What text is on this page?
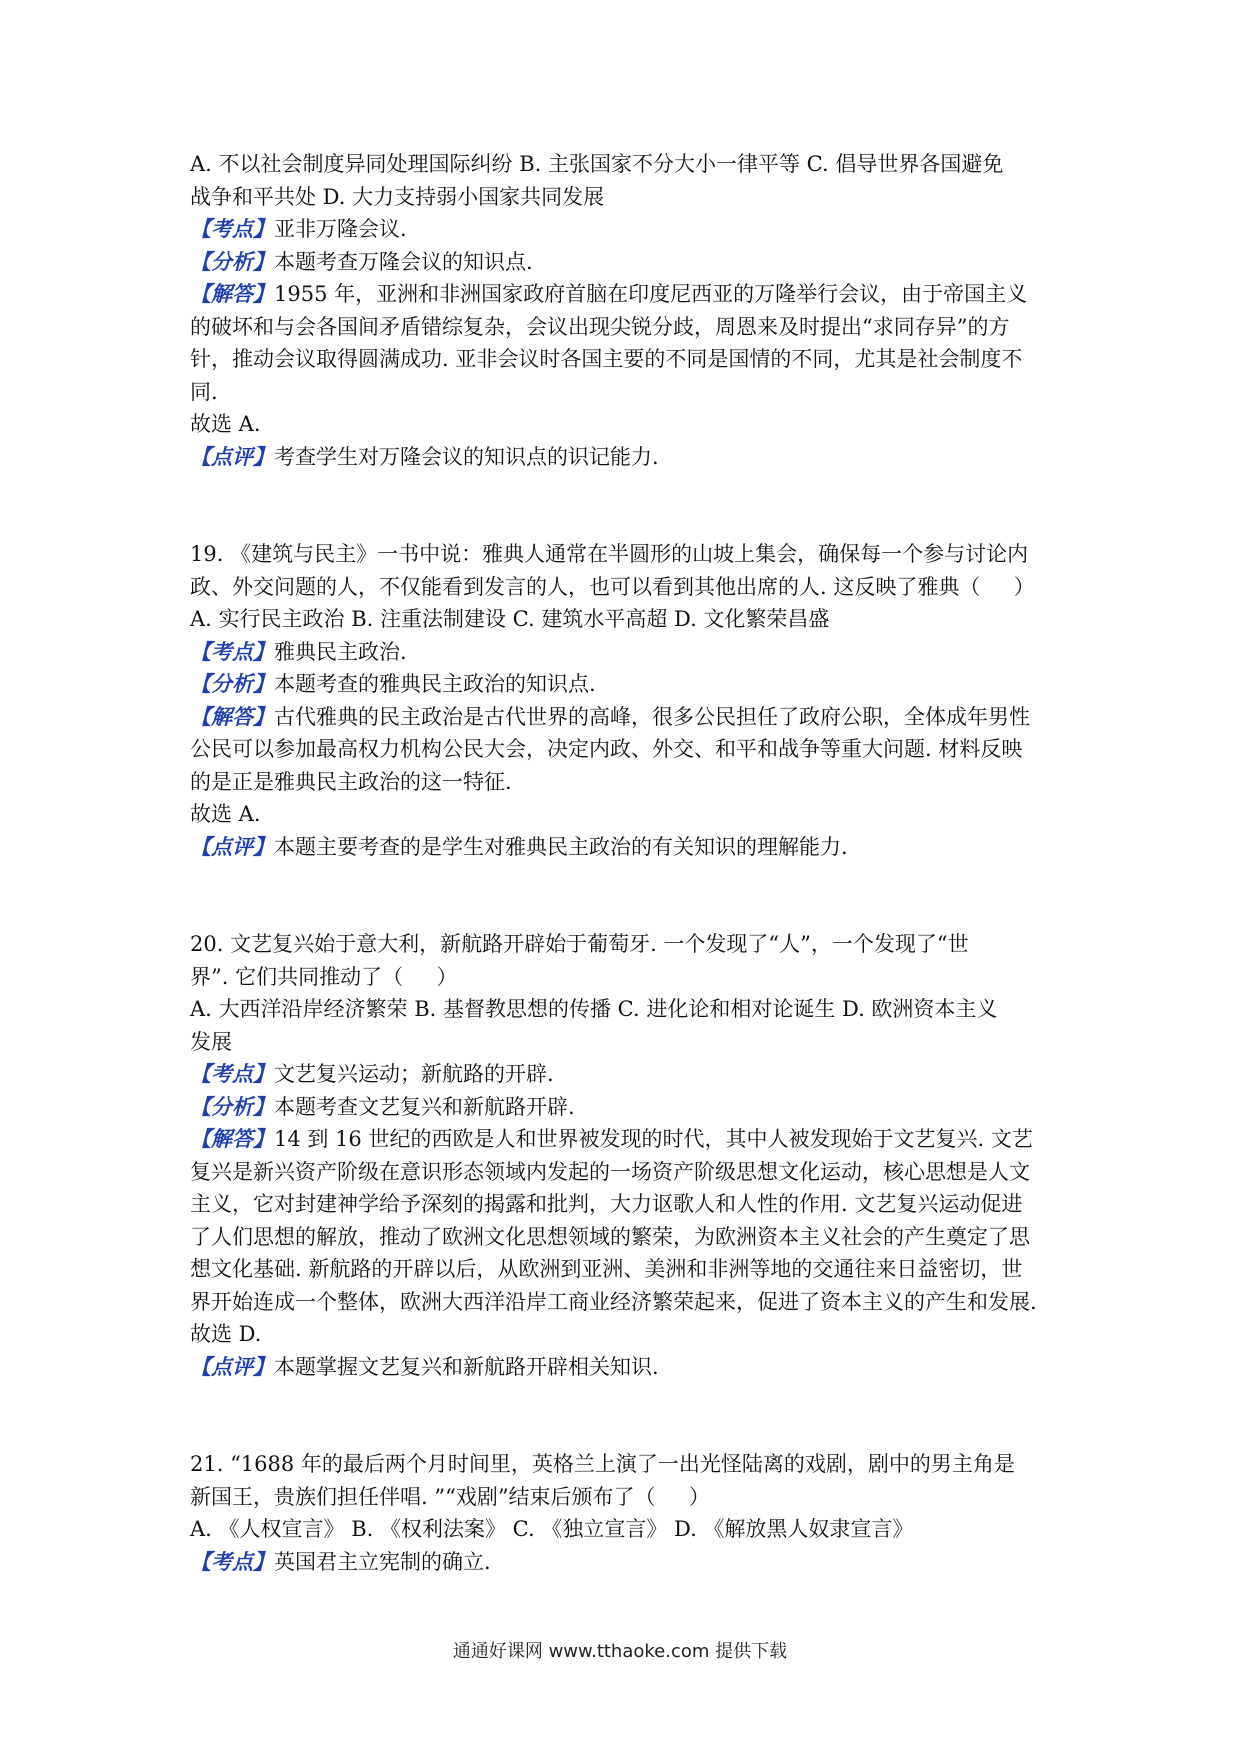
A. 不以社会制度异同处理国际纠纷 B. 主张国家不分大小一律平等 C. 倡导世界各国避免

战争和平共处 D. 大力支持弱小国家共同发展

【考点】亚非万隆会议.

【分析】本题考查万隆会议的知识点.

【解答】1955 年，亚洲和非洲国家政府首脑在印度尼西亚的万隆举行会议，由于帝国主义

的破坏和与会各国间矛盾错综复杂，会议出现尖锐分歧，周恩来及时提出“求同存异”的方

针，推动会议取得圆满成功. 亚非会议时各国主要的不同是国情的不同，尤其是社会制度不

同.

故选 A.

【点评】考查学生对万隆会议的知识点的识记能力.

19. 《建筑与民主》一书中说：雅典人通常在半圆形的山坡上集会，确保每一个参与讨论内

政、外交问题的人，不仅能看到发言的人，也可以看到其他出席的人. 这反映了雅典（     ）

A. 实行民主政治 B. 注重法制建设 C. 建筑水平高超 D. 文化繁荣昌盛

【考点】雅典民主政治.

【分析】本题考查的雅典民主政治的知识点.

【解答】古代雅典的民主政治是古代世界的高峰，很多公民担任了政府公职，全体成年男性

公民可以参加最高权力机构公民大会，决定内政、外交、和平和战争等重大问题. 材料反映

的是正是雅典民主政治的这一特征.

故选 A.

【点评】本题主要考查的是学生对雅典民主政治的有关知识的理解能力.

20. 文艺复兴始于意大利，新航路开辟始于葡萄牙. 一个发现了“人”，一个发现了“世

界”. 它们共同推动了（     ）

A. 大西洋沿岸经济繁荣 B. 基督教思想的传播 C. 进化论和相对论诞生 D. 欧洲资本主义

发展

【考点】文艺复兴运动；新航路的开辟.

【分析】本题考查文艺复兴和新航路开辟.

【解答】14 到 16 世纪的西欧是人和世界被发现的时代，其中人被发现始于文艺复兴. 文艺

复兴是新兴资产阶级在意识形态领域内发起的一场资产阶级思想文化运动，核心思想是人文

主义，它对封建神学给予深刻的揭露和批判，大力讴歌人和人性的作用. 文艺复兴运动促进

了人们思想的解放，推动了欧洲文化思想领域的繁荣，为欧洲资本主义社会的产生奠定了思

想文化基础. 新航路的开辟以后，从欧洲到亚洲、美洲和非洲等地的交通往来日益密切，世

界开始连成一个整体，欧洲大西洋沿岸工商业经济繁荣起来，促进了资本主义的产生和发展.

故选 D.

【点评】本题掌握文艺复兴和新航路开辟相关知识.

21. “1688 年的最后两个月时间里，英格兰上演了一出光怪陆离的戏剧，剧中的男主角是

新国王，贵族们担任伴唱. ”“戏剧”结束后颁布了（     ）

A. 《人权宣言》 B. 《权利法案》 C. 《独立宣言》 D. 《解放黑人奴隶宣言》

【考点】英国君主立宪制的确立.

通通好课网 www.tthaoke.com 提供下载
